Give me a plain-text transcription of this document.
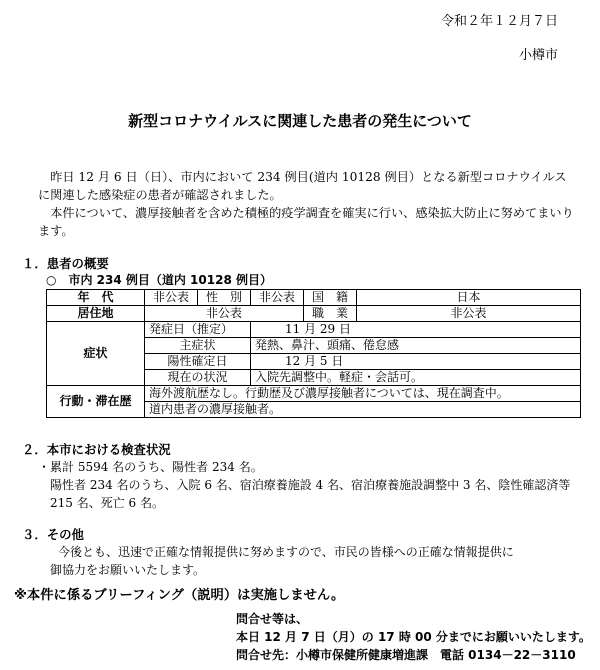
令和２年１２月７日
小樽市
新型コロナウイルスに関連した患者の発生について

昨日 12 月 6 日（日）、市内において 234 例目(道内 10128 例目）となる新型コロナウイルスに関連した感染症の患者が確認されました。

本件について、濃厚接触者を含めた積極的疫学調査を確実に行い、感染拡大防止に努めてまいります。

１．患者の概要
○　市内 234 例目（道内 10128 例目）
年　代	非公表	性　別	非公表	国　籍	日本
居住地	非公表			職　業	非公表
症状	発症日（推定）		11 月 29 日		
	主症状		発熱、鼻汁、頭痛、倦怠感		
	陽性確定日		12 月 5 日		
	現在の状況		入院先調整中。軽症・会話可。		
行動・滞在歴	海外渡航歴なし。行動歴及び濃厚接触者については、現在調査中。				
	道内患者の濃厚接触者。				
２．本市における検査状況
・累計 5594 名のうち、陽性者 234 名。
陽性者 234 名のうち、入院 6 名、宿泊療養施設 4 名、宿泊療養施設調整中 3 名、陰性確認済等
215 名、死亡 6 名。
３．その他
今後とも、迅速で正確な情報提供に努めますので、市民の皆様への正確な情報提供に
御協力をお願いいたします。
※本件に係るブリーフィング（説明）は実施しません。
問合せ等は、
本日 12 月 7 日（月）の 17 時 00 分までにお願いいたします。
問合せ先：小樽市保健所健康増進課　電話 0134－22－3110
